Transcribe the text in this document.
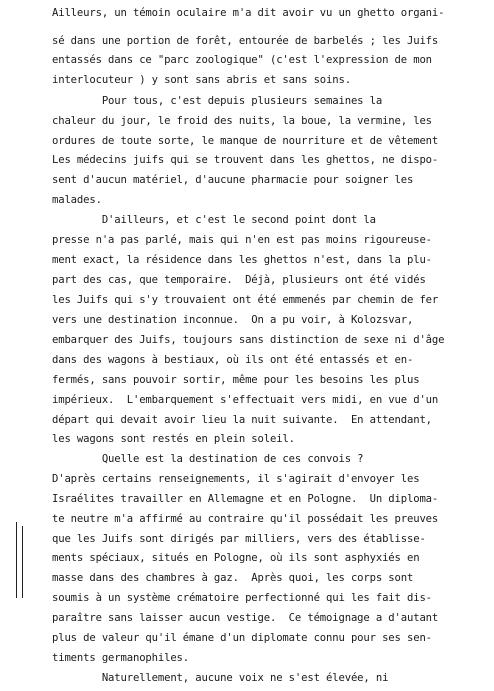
Ailleurs, un témoin oculaire m'a dit avoir vu un ghetto organi-
sé dans une portion de forêt, entourée de barbelés ; les Juifs
entassés dans ce "parc zoologique" (c'est l'expression de mon
interlocuteur ) y sont sans abris et sans soins.
Pour tous, c'est depuis plusieurs semaines la
chaleur du jour, le froid des nuits, la boue, la vermine, les
ordures de toute sorte, le manque de nourriture et de vêtement
Les médecins juifs qui se trouvent dans les ghettos, ne dispo-
sent d'aucun matériel, d'aucune pharmacie pour soigner les
malades.
D'ailleurs, et c'est le second point dont la
presse n'a pas parlé, mais qui n'en est pas moins rigoureuse-
ment exact, la résidence dans les ghettos n'est, dans la plu-
part des cas, que temporaire.  Déjà, plusieurs ont été vidés
les Juifs qui s'y trouvaient ont été emmenés par chemin de fer
vers une destination inconnue.  On a pu voir, à Kolozsvar,
embarquer des Juifs, toujours sans distinction de sexe ni d'âge
dans des wagons à bestiaux, où ils ont été entassés et en-
fermés, sans pouvoir sortir, même pour les besoins les plus
impérieux.  L'embarquement s'effectuait vers midi, en vue d'un
départ qui devait avoir lieu la nuit suivante.  En attendant,
les wagons sont restés en plein soleil.
Quelle est la destination de ces convois ?
D'après certains renseignements, il s'agirait d'envoyer les
Israélites travailler en Allemagne et en Pologne.  Un diploma-
te neutre m'a affirmé au contraire qu'il possédait les preuves
que les Juifs sont dirigés par milliers, vers des établisse-
ments spéciaux, situés en Pologne, où ils sont asphyxiés en
masse dans des chambres à gaz.  Après quoi, les corps sont
soumis à un système crématoire perfectionné qui les fait dis-
paraître sans laisser aucun vestige.  Ce témoignage a d'autant
plus de valeur qu'il émane d'un diplomate connu pour ses sen-
timents germanophiles.
Naturellement, aucune voix ne s'est élevée, ni
